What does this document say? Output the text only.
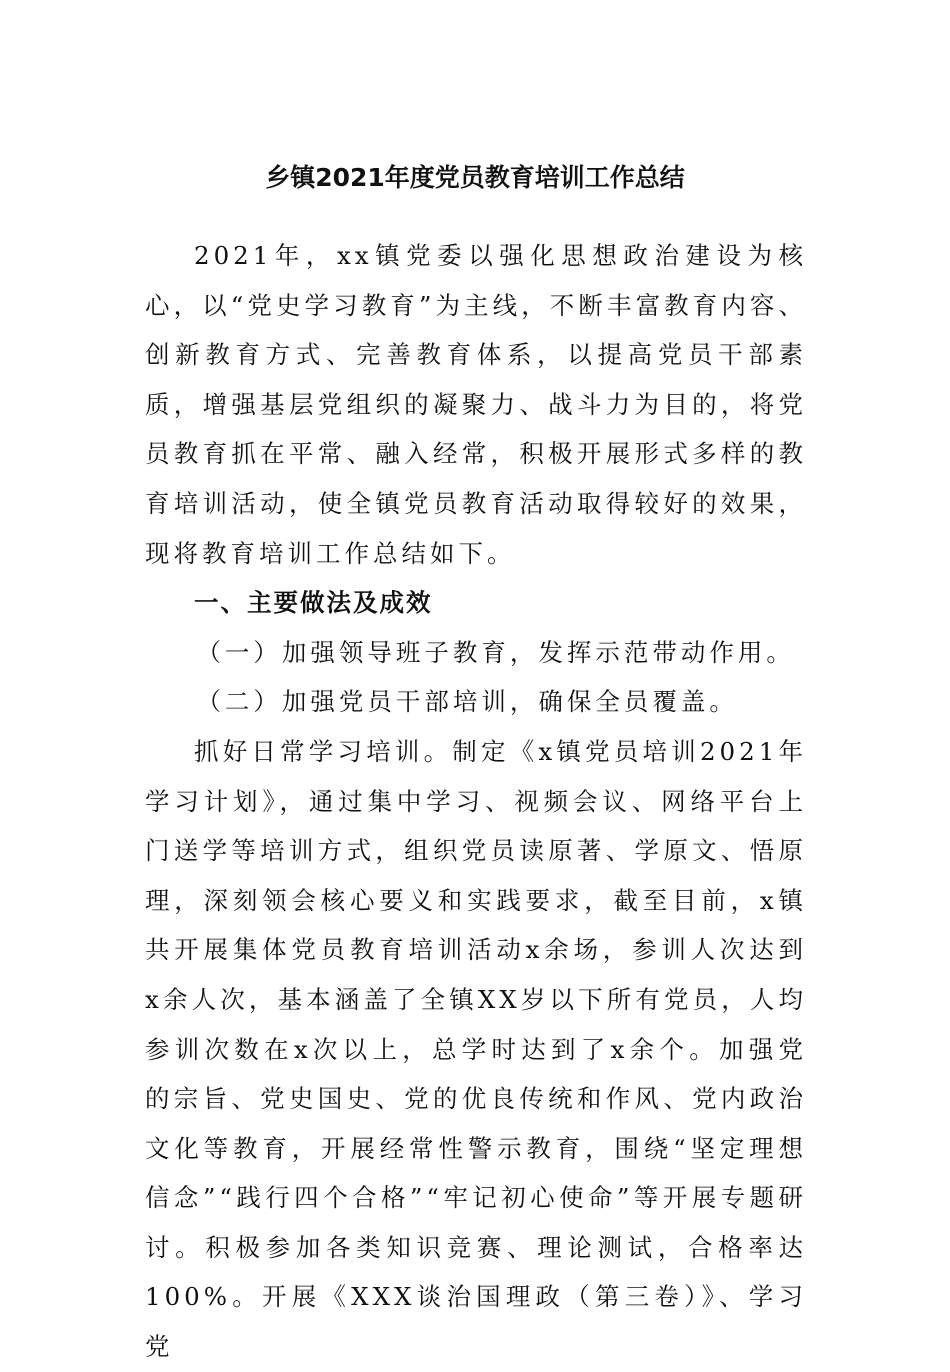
乡镇2021年度党员教育培训工作总结

2021年，xx镇党委以强化思想政治建设为核心，以“党史学习教育”为主线，不断丰富教育内容、创新教育方式、完善教育体系，以提高党员干部素质，增强基层党组织的凝聚力、战斗力为目的，将党员教育抓在平常、融入经常，积极开展形式多样的教育培训活动，使全镇党员教育活动取得较好的效果，现将教育培训工作总结如下。

一、主要做法及成效

（一）加强领导班子教育，发挥示范带动作用。

（二）加强党员干部培训，确保全员覆盖。

抓好日常学习培训。制定《x镇党员培训2021年学习计划》，通过集中学习、视频会议、网络平台上门送学等培训方式，组织党员读原著、学原文、悟原理，深刻领会核心要义和实践要求，截至目前，x镇共开展集体党员教育培训活动x余场，参训人次达到x余人次，基本涵盖了全镇XX岁以下所有党员，人均参训次数在x次以上，总学时达到了x余个。加强党的宗旨、党史国史、党的优良传统和作风、党内政治文化等教育，开展经常性警示教育，围绕“坚定理想信念”“践行四个合格”“牢记初心使命”等开展专题研讨。积极参加各类知识竞赛、理论测试，合格率达100%。开展《XXX谈治国理政（第三卷）》、学习党
